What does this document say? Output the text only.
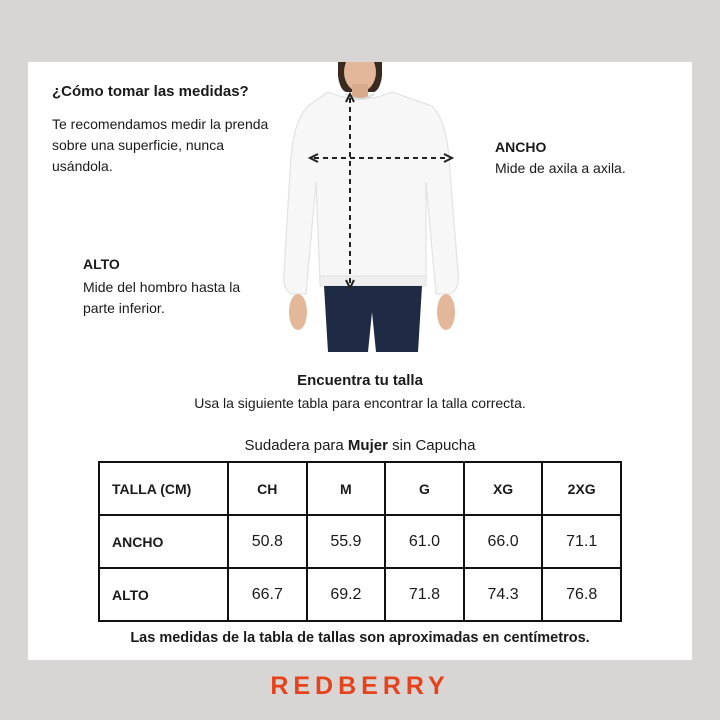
¿Cómo tomar las medidas?

Te recomendamos medir la prenda sobre una superficie, nunca usándola.

ANCHO

Mide de axila a axila.

ALTO

Mide del hombro hasta la parte inferior.

Encuentra tu talla

Usa la siguiente tabla para encontrar la talla correcta.

Sudadera para Mujer sin Capucha

TALLA (CM)	CH	M	G	XG	2XG
ANCHO	50.8	55.9	61.0	66.0	71.1
ALTO	66.7	69.2	71.8	74.3	76.8

Las medidas de la tabla de tallas son aproximadas en centímetros.

REDBERRY
